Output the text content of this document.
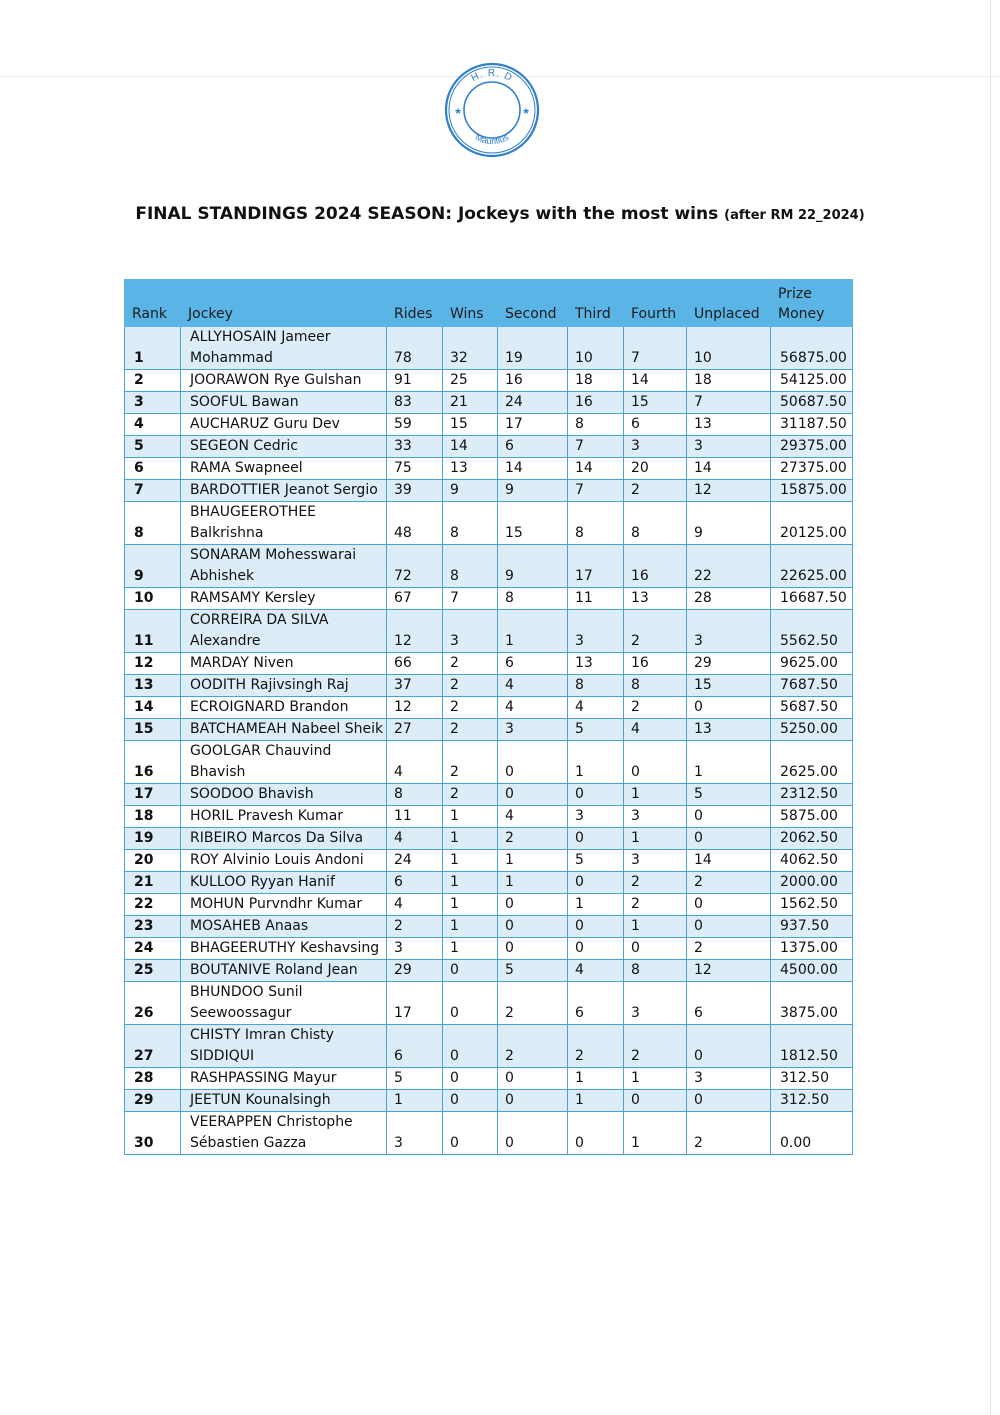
H. R. D
Mauritius
★	★
FINAL STANDINGS 2024 SEASON: Jockeys with the most wins (after RM 22_2024)
Rank	Jockey	Rides	Wins	Second	Third	Fourth	Unplaced	Prize
Money
1	ALLYHOSAIN Jameer Mohammad	78	32	19	10	7	10	56875.00
2	JOORAWON Rye Gulshan	91	25	16	18	14	18	54125.00
3	SOOFUL Bawan	83	21	24	16	15	7	50687.50
4	AUCHARUZ Guru Dev	59	15	17	8	6	13	31187.50
5	SEGEON Cedric	33	14	6	7	3	3	29375.00
6	RAMA Swapneel	75	13	14	14	20	14	27375.00
7	BARDOTTIER Jeanot Sergio	39	9	9	7	2	12	15875.00
8	BHAUGEEROTHEE Balkrishna	48	8	15	8	8	9	20125.00
9	SONARAM Mohesswarai Abhishek	72	8	9	17	16	22	22625.00
10	RAMSAMY Kersley	67	7	8	11	13	28	16687.50
11	CORREIRA DA SILVA Alexandre	12	3	1	3	2	3	5562.50
12	MARDAY Niven	66	2	6	13	16	29	9625.00
13	OODITH Rajivsingh Raj	37	2	4	8	8	15	7687.50
14	ECROIGNARD Brandon	12	2	4	4	2	0	5687.50
15	BATCHAMEAH Nabeel Sheik	27	2	3	5	4	13	5250.00
16	GOOLGAR Chauvind Bhavish	4	2	0	1	0	1	2625.00
17	SOODOO Bhavish	8	2	0	0	1	5	2312.50
18	HORIL Pravesh Kumar	11	1	4	3	3	0	5875.00
19	RIBEIRO Marcos Da Silva	4	1	2	0	1	0	2062.50
20	ROY Alvinio Louis Andoni	24	1	1	5	3	14	4062.50
21	KULLOO Ryyan Hanif	6	1	1	0	2	2	2000.00
22	MOHUN Purvndhr Kumar	4	1	0	1	2	0	1562.50
23	MOSAHEB Anaas	2	1	0	0	1	0	937.50
24	BHAGEERUTHY Keshavsing	3	1	0	0	0	2	1375.00
25	BOUTANIVE Roland Jean	29	0	5	4	8	12	4500.00
26	BHUNDOO Sunil Seewoossagur	17	0	2	6	3	6	3875.00
27	CHISTY Imran Chisty SIDDIQUI	6	0	2	2	2	0	1812.50
28	RASHPASSING Mayur	5	0	0	1	1	3	312.50
29	JEETUN Kounalsingh	1	0	0	1	0	0	312.50
30	VEERAPPEN Christophe Sébastien Gazza	3	0	0	0	1	2	0.00
